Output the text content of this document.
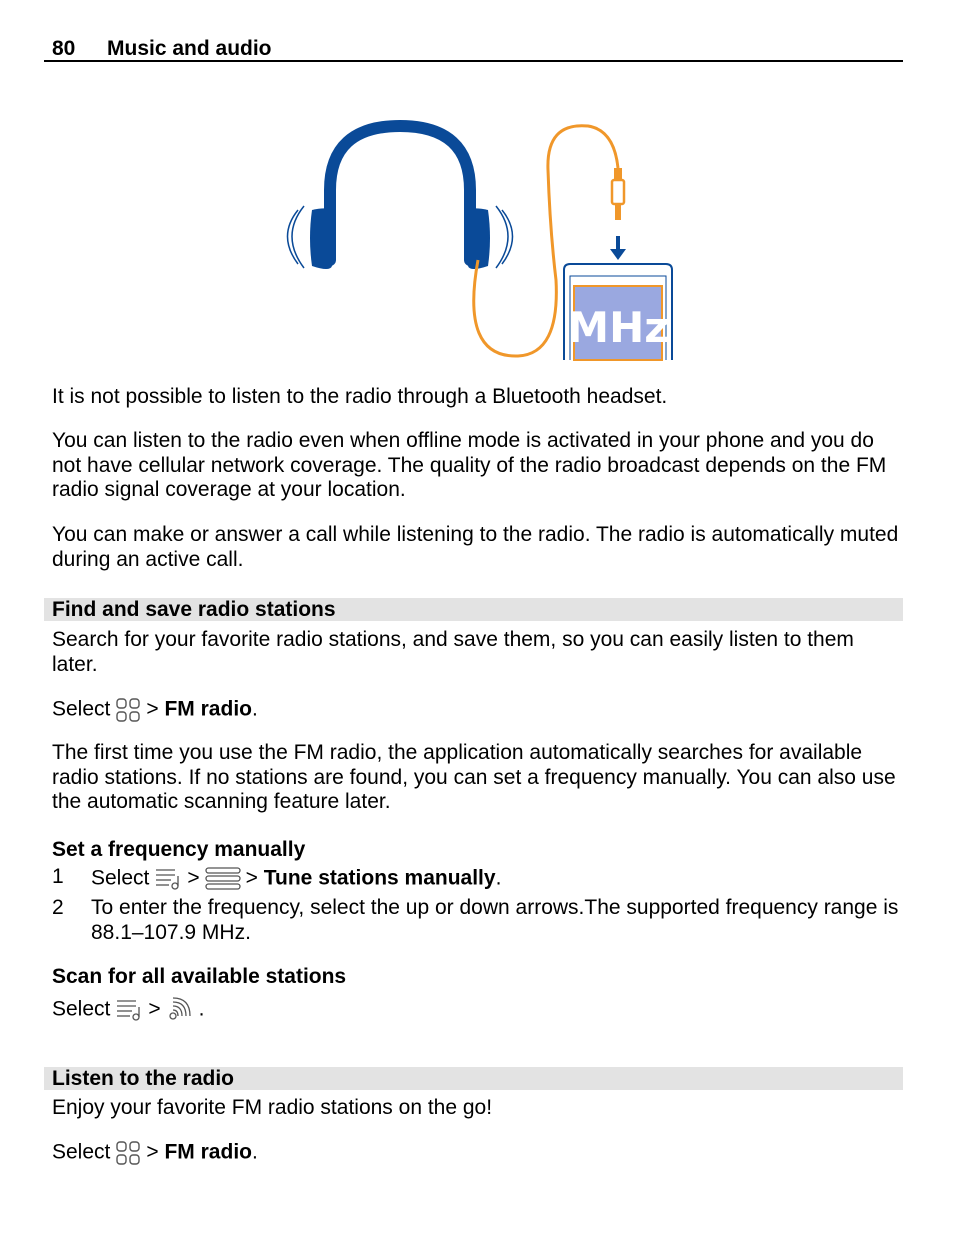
80 Music and audio
MHz

It is not possible to listen to the radio through a Bluetooth headset.

You can listen to the radio even when offline mode is activated in your phone and you do not have cellular network coverage. The quality of the radio broadcast depends on the FM radio signal coverage at your location.

You can make or answer a call while listening to the radio. The radio is automatically muted during an active call.

Find and save radio stations

Search for your favorite radio stations, and save them, so you can easily listen to them later.

Select > FM radio.

The first time you use the FM radio, the application automatically searches for available radio stations. If no stations are found, you can set a frequency manually. You can also use the automatic scanning feature later.

Set a frequency manually
1 Select > > Tune stations manually.
2 To enter the frequency, select the up or down arrows.The supported frequency range is 88.1–107.9 MHz.
Scan for all available stations

Select > .

Listen to the radio

Enjoy your favorite FM radio stations on the go!

Select > FM radio.
